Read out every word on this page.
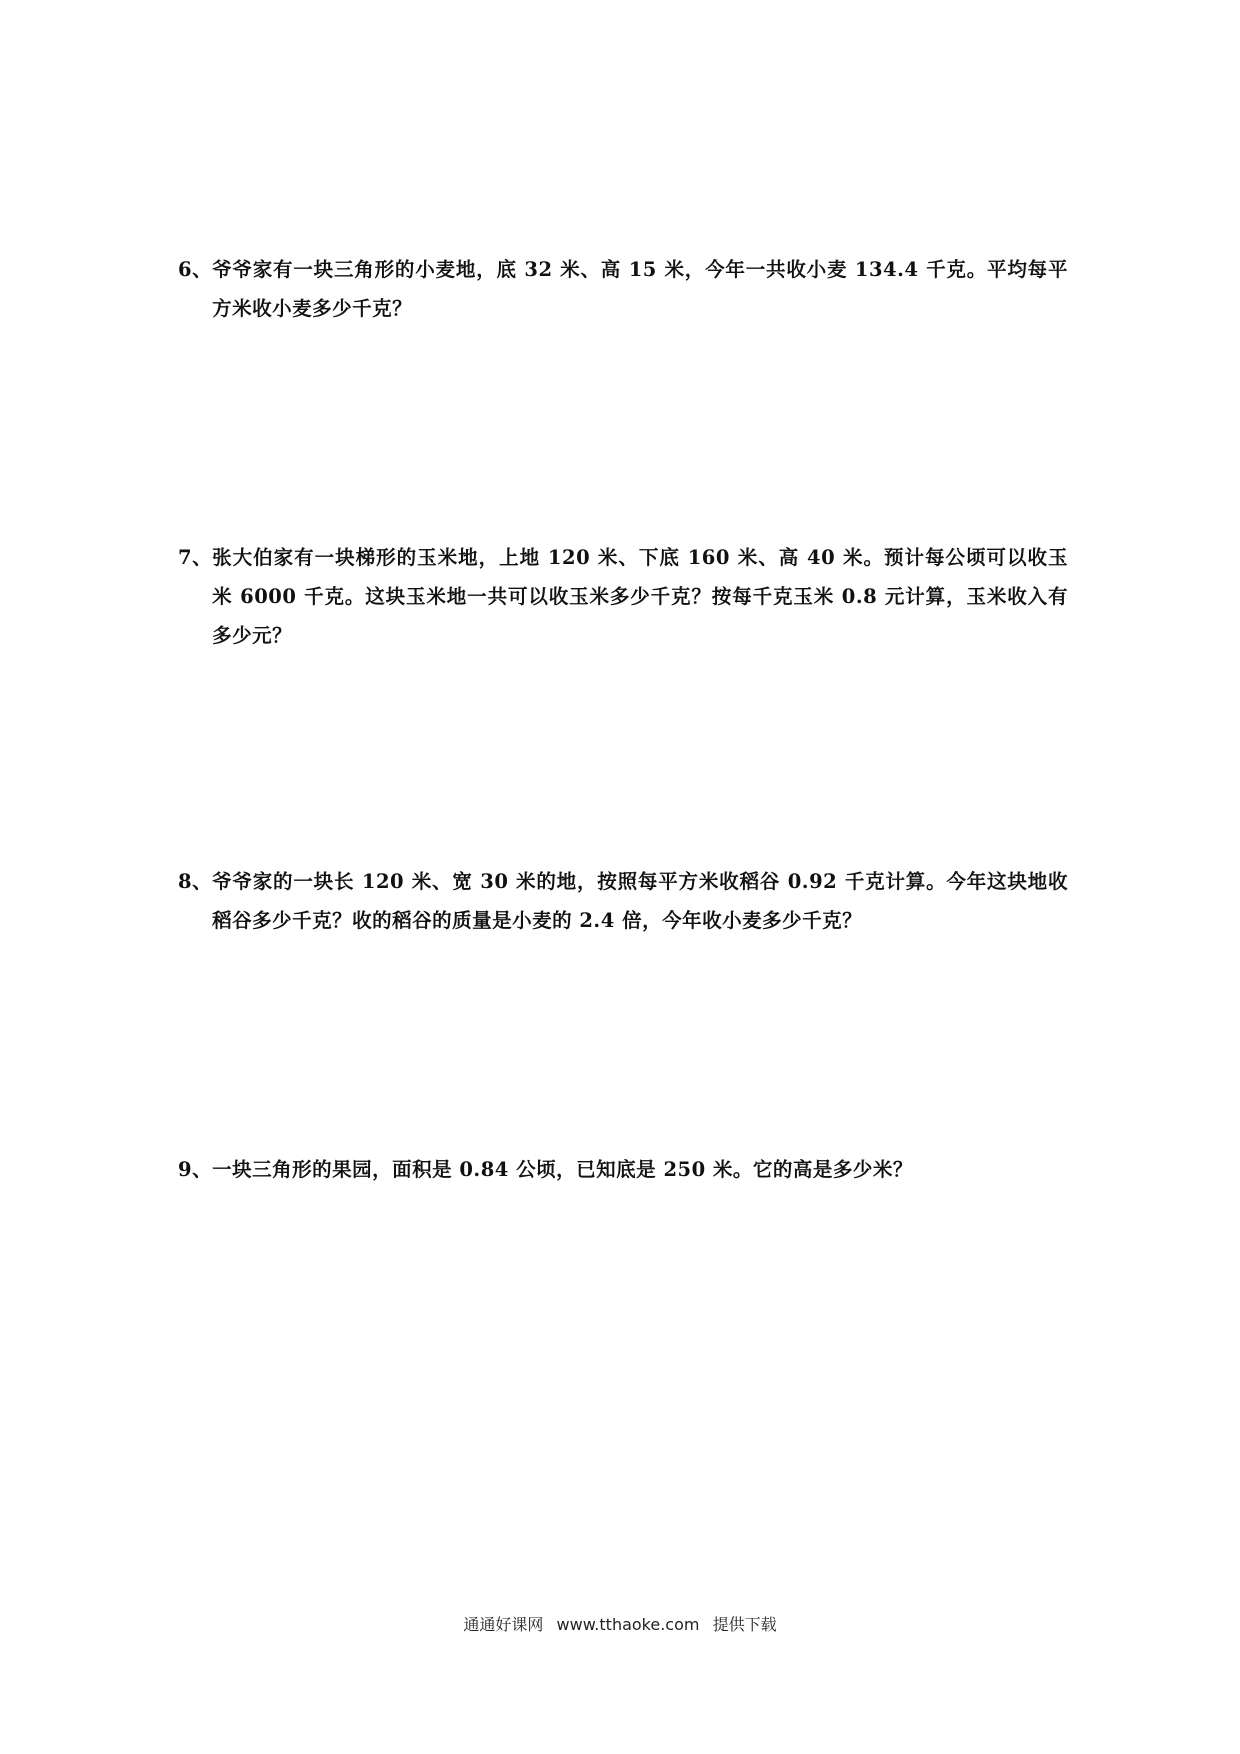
6、 爷爷家有一块三角形的小麦地，底 32 米、高 15 米，今年一共收小麦 134.4 千克。平均每平方米收小麦多少千克？
7、 张大伯家有一块梯形的玉米地，上地 120 米、下底 160 米、高 40 米。预计每公顷可以收玉米 6000 千克。这块玉米地一共可以收玉米多少千克？按每千克玉米 0.8 元计算，玉米收入有多少元？
8、 爷爷家的一块长 120 米、宽 30 米的地，按照每平方米收稻谷 0.92 千克计算。今年这块地收稻谷多少千克？收的稻谷的质量是小麦的 2.4 倍，今年收小麦多少千克？
9、 一块三角形的果园，面积是 0.84 公顷，已知底是 250 米。它的高是多少米？
通通好课网 www.tthaoke.com 提供下载
